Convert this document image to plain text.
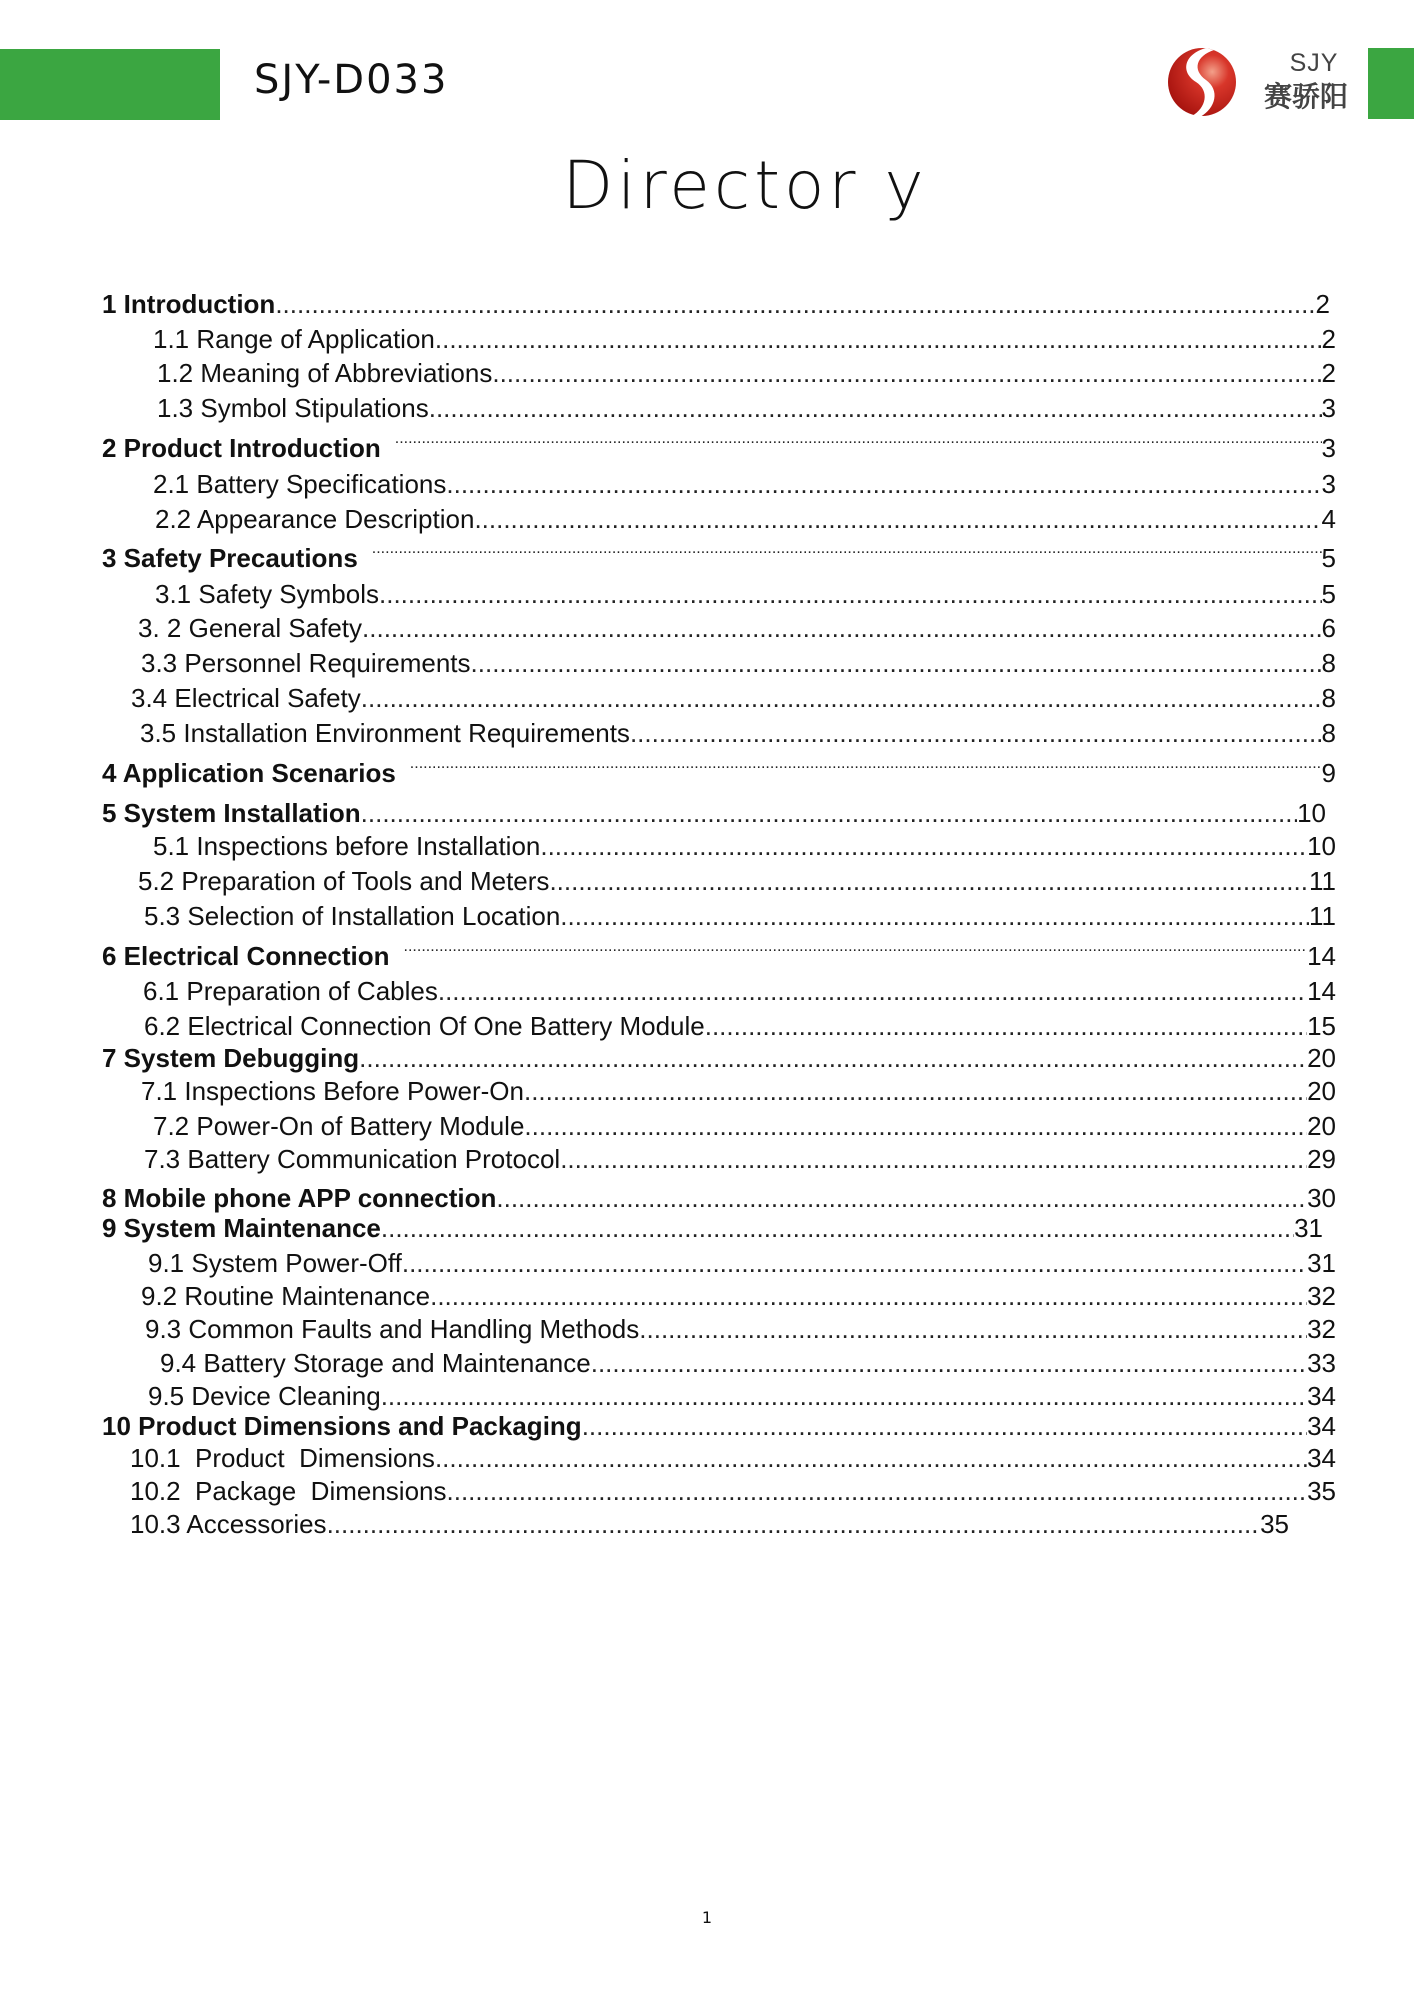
SJY-D033	SJY
赛骄阳
Director y
1 Introduction .....	2
1.1 Range of Application .....	2
1.2 Meaning of Abbreviations .....	2
1.3 Symbol Stipulations .....	3
2 Product Introduction .....	3
2.1 Battery Specifications .....	3
2.2 Appearance Description .....	4
3 Safety Precautions .....	5
3.1 Safety Symbols .....	5
3. 2 General Safety .....	6
3.3 Personnel Requirements .....	8
3.4 Electrical Safety .....	8
3.5 Installation Environment Requirements .....	8
4 Application Scenarios .....	9
5 System Installation .....	10
5.1 Inspections before Installation .....	10
5.2 Preparation of Tools and Meters .....	11
5.3 Selection of Installation Location .....	11
6 Electrical Connection .....	14
6.1 Preparation of Cables .....	14
6.2 Electrical Connection Of One Battery Module .....	15
7 System Debugging .....	20
7.1 Inspections Before Power-On .....	20
7.2 Power-On of Battery Module .....	20
7.3 Battery Communication Protocol .....	29
8 Mobile phone APP connection .....	30
9 System Maintenance .....	31
9.1 System Power-Off .....	31
9.2 Routine Maintenance .....	32
9.3 Common Faults and Handling Methods .....	32
9.4 Battery Storage and Maintenance .....	33
9.5 Device Cleaning .....	34
10 Product Dimensions and Packaging .....	34
10.1  Product  Dimensions .....	34
10.2  Package  Dimensions .....	35
10.3 Accessories .....	35
1
